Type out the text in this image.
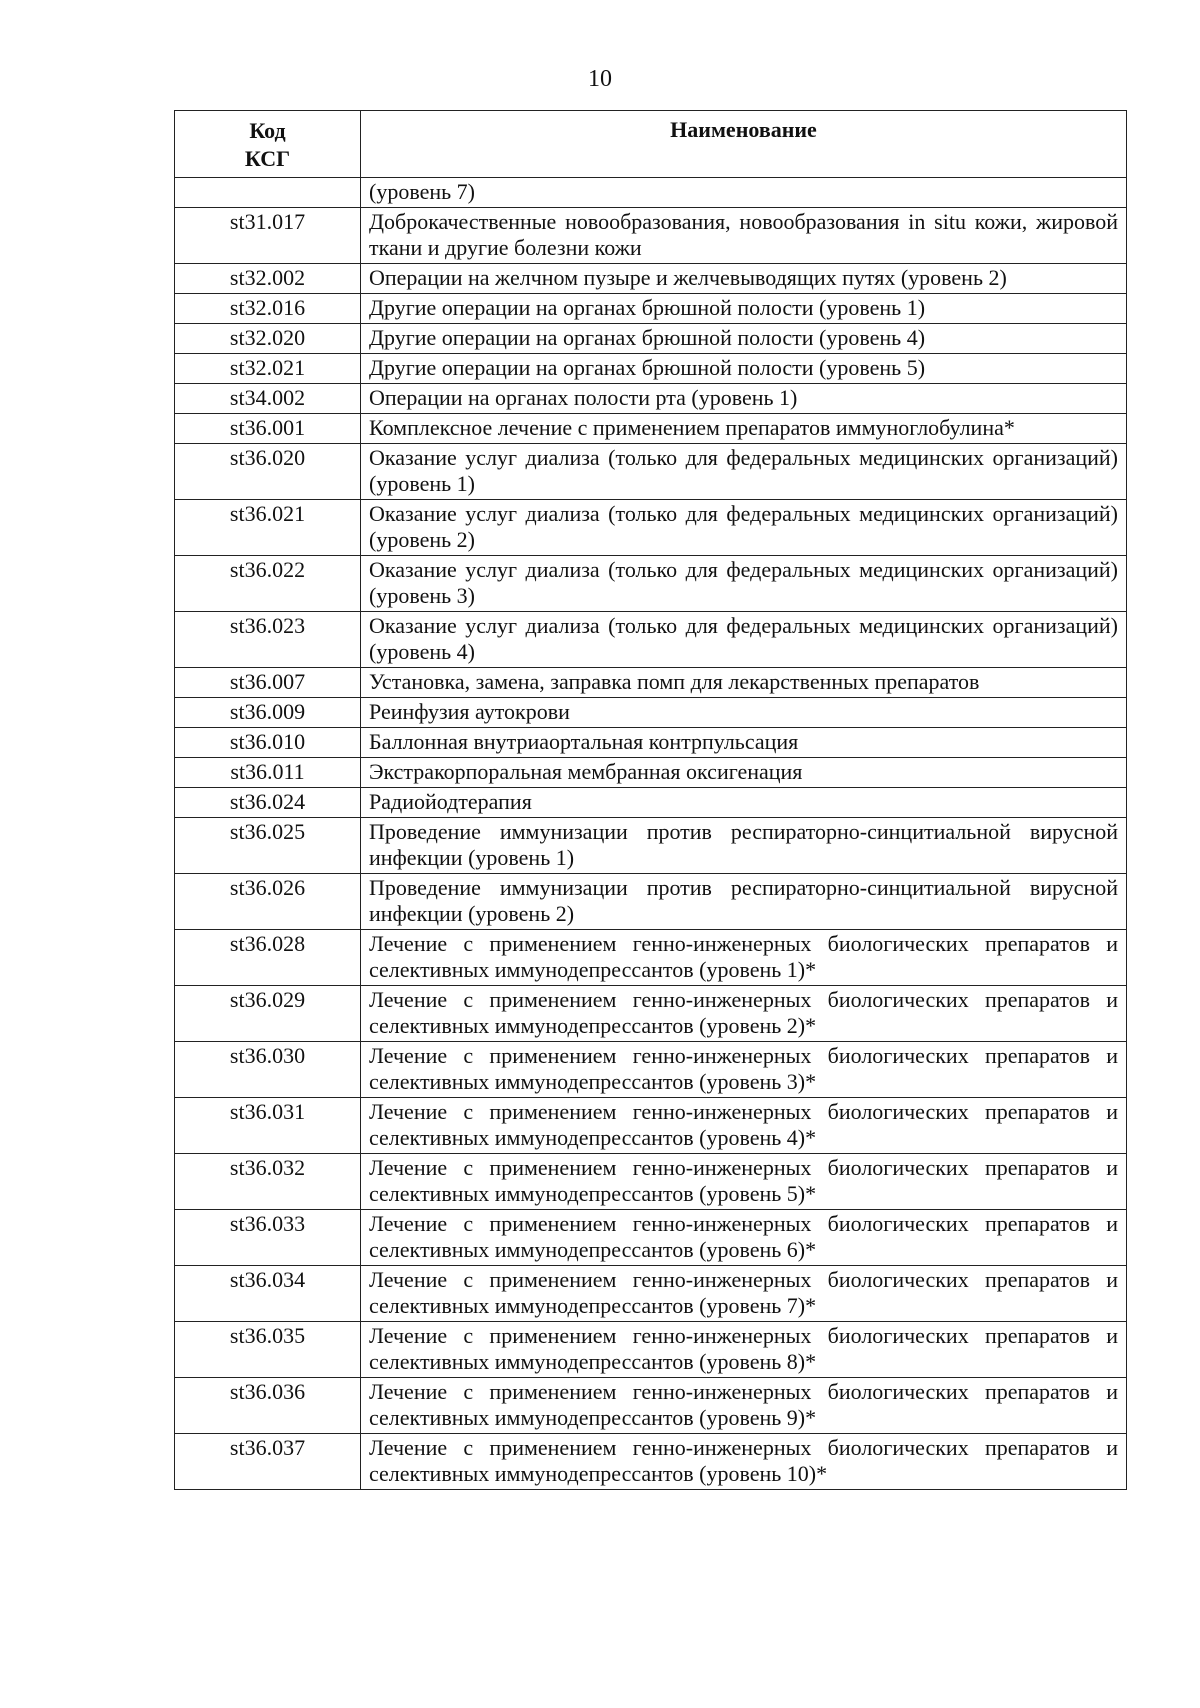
10
Код
КСГ	Наименование
	(уровень 7)
st31.017	Доброкачественные новообразования, новообразования in situ кожи, жировой ткани и другие болезни кожи
st32.002	Операции на желчном пузыре и желчевыводящих путях (уровень 2)
st32.016	Другие операции на органах брюшной полости (уровень 1)
st32.020	Другие операции на органах брюшной полости (уровень 4)
st32.021	Другие операции на органах брюшной полости (уровень 5)
st34.002	Операции на органах полости рта (уровень 1)
st36.001	Комплексное лечение с применением препаратов иммуноглобулина*
st36.020	Оказание услуг диализа (только для федеральных медицинских организаций) (уровень 1)
st36.021	Оказание услуг диализа (только для федеральных медицинских организаций) (уровень 2)
st36.022	Оказание услуг диализа (только для федеральных медицинских организаций) (уровень 3)
st36.023	Оказание услуг диализа (только для федеральных медицинских организаций) (уровень 4)
st36.007	Установка, замена, заправка помп для лекарственных препаратов
st36.009	Реинфузия аутокрови
st36.010	Баллонная внутриаортальная контрпульсация
st36.011	Экстракорпоральная мембранная оксигенация
st36.024	Радиойодтерапия
st36.025	Проведение иммунизации против респираторно-синцитиальной вирусной инфекции (уровень 1)
st36.026	Проведение иммунизации против респираторно-синцитиальной вирусной инфекции (уровень 2)
st36.028	Лечение с применением генно-инженерных биологических препаратов и селективных иммунодепрессантов (уровень 1)*
st36.029	Лечение с применением генно-инженерных биологических препаратов и селективных иммунодепрессантов (уровень 2)*
st36.030	Лечение с применением генно-инженерных биологических препаратов и селективных иммунодепрессантов (уровень 3)*
st36.031	Лечение с применением генно-инженерных биологических препаратов и селективных иммунодепрессантов (уровень 4)*
st36.032	Лечение с применением генно-инженерных биологических препаратов и селективных иммунодепрессантов (уровень 5)*
st36.033	Лечение с применением генно-инженерных биологических препаратов и селективных иммунодепрессантов (уровень 6)*
st36.034	Лечение с применением генно-инженерных биологических препаратов и селективных иммунодепрессантов (уровень 7)*
st36.035	Лечение с применением генно-инженерных биологических препаратов и селективных иммунодепрессантов (уровень 8)*
st36.036	Лечение с применением генно-инженерных биологических препаратов и селективных иммунодепрессантов (уровень 9)*
st36.037	Лечение с применением генно-инженерных биологических препаратов и селективных иммунодепрессантов (уровень 10)*
